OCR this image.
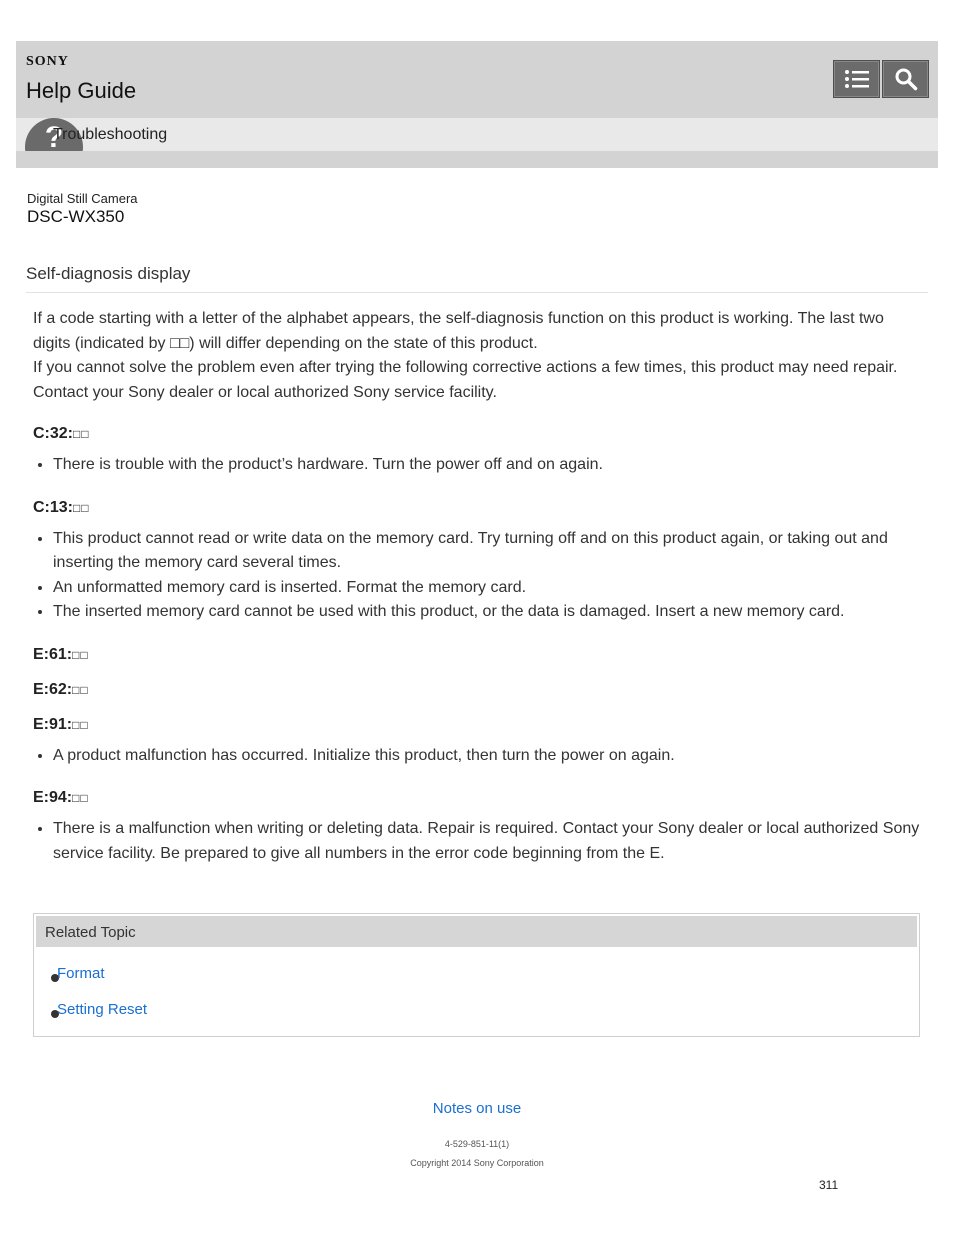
SONY
Help Guide
?
Troubleshooting
Digital Still Camera
DSC-WX350
Self-diagnosis display

If a code starting with a letter of the alphabet appears, the self-diagnosis function on this product is working. The last two digits (indicated by □□) will differ depending on the state of this product.

If you cannot solve the problem even after trying the following corrective actions a few times, this product may need repair. Contact your Sony dealer or local authorized Sony service facility.

C:32:□□
• There is trouble with the product’s hardware. Turn the power off and on again.
C:13:□□
• This product cannot read or write data on the memory card. Try turning off and on this product again, or taking out and inserting the memory card several times.
• An unformatted memory card is inserted. Format the memory card.
• The inserted memory card cannot be used with this product, or the data is damaged. Insert a new memory card.
E:61:□□
E:62:□□
E:91:□□
• A product malfunction has occurred. Initialize this product, then turn the power on again.
E:94:□□
• There is a malfunction when writing or deleting data. Repair is required. Contact your Sony dealer or local authorized Sony service facility. Be prepared to give all numbers in the error code beginning from the E.
Related Topic
Format
Setting Reset
Notes on use
4-529-851-11(1)
Copyright 2014 Sony Corporation
311
